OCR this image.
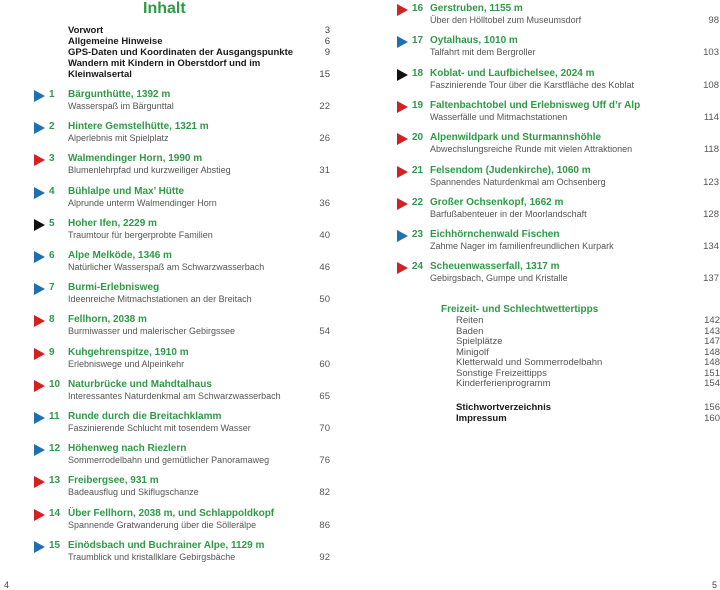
Inhalt
Vorwort	3
Allgemeine Hinweise	6
GPS-Daten und Koordinaten der Ausgangspunkte	9
Wandern mit Kindern in Oberstdorf und im Kleinwalsertal	15
1 Bärgunthütte, 1392 m
Wasserspaß im Bärgunttal	22
2 Hintere Gemstelhütte, 1321 m
Alperlebnis mit Spielplatz	26
3 Walmendinger Horn, 1990 m
Blumenlehrpfad und kurzweiliger Abstieg	31
4 Bühlalpe und Max’ Hütte
Alprunde unterm Walmendinger Horn	36
5 Hoher Ifen, 2229 m
Traumtour für bergerprobte Familien	40
6 Alpe Melköde, 1346 m
Natürlicher Wasserspaß am Schwarzwasserbach	46
7 Burmi-Erlebnisweg
Ideenreiche Mitmachstationen an der Breitach	50
8 Fellhorn, 2038 m
Burmiwasser und malerischer Gebirgssee	54
9 Kuhgehrenspitze, 1910 m
Erlebniswege und Alpeinkehr	60
10 Naturbrücke und Mahdtalhaus
Interessantes Naturdenkmal am Schwarzwasserbach	65
11 Runde durch die Breitachklamm
Faszinierende Schlucht mit tosendem Wasser	70
12 Höhenweg nach Riezlern
Sommerrodelbahn und gemütlicher Panoramaweg	76
13 Freibergsee, 931 m
Badeausflug und Skiflugschanze	82
14 Über Fellhorn, 2038 m, und Schlappoldkopf
Spannende Gratwanderung über die Söllerälpe	86
15 Einödsbach und Buchrainer Alpe, 1129 m
Traumblick und kristallklare Gebirgsbäche	92
16 Gerstruben, 1155 m
Über den Hölltobel zum Museumsdorf	98
17 Oytalhaus, 1010 m
Talfahrt mit dem Bergroller	103
18 Koblat- und Laufbichelsee, 2024 m
Faszinierende Tour über die Karstfläche des Koblat	108
19 Faltenbachtobel und Erlebnisweg Uff d’r Alp
Wasserfälle und Mitmachstationen	114
20 Alpenwildpark und Sturmannshöhle
Abwechslungsreiche Runde mit vielen Attraktionen	118
21 Felsendom (Judenkirche), 1060 m
Spannendes Naturdenkmal am Ochsenberg	123
22 Großer Ochsenkopf, 1662 m
Barfußabenteuer in der Moorlandschaft	128
23 Eichhörnchenwald Fischen
Zahme Nager im familienfreundlichen Kurpark	134
24 Scheuenwasserfall, 1317 m
Gebirgsbach, Gumpe und Kristalle	137
Freizeit- und Schlechtwettertipps
Reiten	142
Baden	143
Spielplätze	147
Minigolf	148
Kletterwald und Sommerrodelbahn	148
Sonstige Freizeittipps	151
Kinderferienprogramm	154
Stichwortverzeichnis	156
Impressum	160
4	5
